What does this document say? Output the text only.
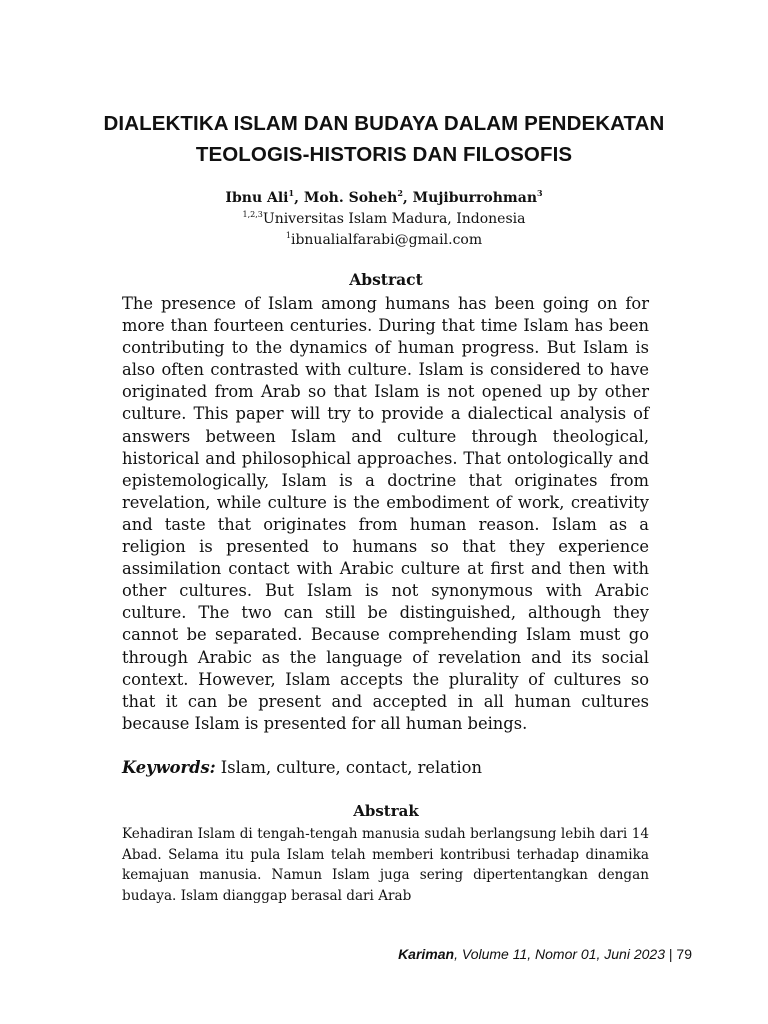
DIALEKTIKA ISLAM DAN BUDAYA DALAM PENDEKATAN
TEOLOGIS-HISTORIS DAN FILOSOFIS
Ibnu Ali$^1$, Moh. Soheh$^2$, Mujiburrohman$^3$
$^{1,2,3}$Universitas Islam Madura, Indonesia
$^1$ibnualialfarabi@gmail.com
Abstract

The presence of Islam among humans has been going on for more than fourteen centuries. During that time Islam has been contributing to the dynamics of human progress. But Islam is also often contrasted with culture. Islam is considered to have originated from Arab so that Islam is not opened up by other culture. This paper will try to provide a dialectical analysis of answers between Islam and culture through theological, historical and philosophical approaches. That ontologically and epistemologically, Islam is a doctrine that originates from revelation, while culture is the embodiment of work, creativity and taste that originates from human reason. Islam as a religion is presented to humans so that they experience assimilation contact with Arabic culture at first and then with other cultures. But Islam is not synonymous with Arabic culture. The two can still be distinguished, although they cannot be separated. Because comprehending Islam must go through Arabic as the language of revelation and its social context. However, Islam accepts the plurality of cultures so that it can be present and accepted in all human cultures because Islam is presented for all human beings.

Keywords: Islam, culture, contact, relation
Abstrak

Kehadiran Islam di tengah-tengah manusia sudah berlangsung lebih dari 14 Abad. Selama itu pula Islam telah memberi kontribusi terhadap dinamika kemajuan manusia. Namun Islam juga sering dipertentangkan dengan budaya. Islam dianggap berasal dari Arab

Kariman, Volume 11, Nomor 01, Juni 2023 | 79
